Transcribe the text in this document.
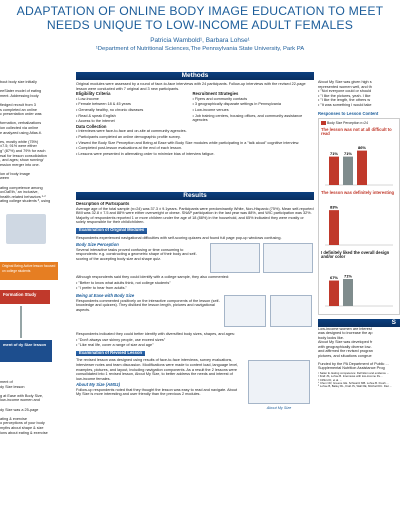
ADAPTATION OF ONLINE BODY IMAGE EDUCATION TO MEET
NEEDS UNIQUE TO LOW-INCOME ADULT FEMALES
Patricia Wambold¹, Barbara Lohse¹
¹Department of Nutritional Sciences,The Pennsylvania State University, Park PA
Methods
bout body size initially

eeSlater model of eating
ment. Addressing body

fledged recruit from 3
s completed an online
c presentation order was

formation, verbalizations
ion collected via online
e analyzed using Atlas.ti.

es, mostly white (75%)
±7.5; 91% were either
g" (87%) and 79% for each
rsal for lesson consolidation
, and ages; show running/
ession merger into one.

ion of body image
ween

ating competence among
ovOaEth,' an inclusive,
health-related behaviors ¹·²
ating college students ³, using
Original Being Active lesson focused on college students
Formation Study
ment of dy Size lesson
ment of
dy Size lesson

g at Ease with Body Size,
low-income women and

dy Size was a 25-page

ating & exercise
o perceptions of your body
myths about shape & size
ions about eating & exercise

Original modules were assessed by a round of face-to-face interviews with 24 participants. Follow-up interviews with the revised 22-page lesson were conducted with 7 original and 3 new participants.

Eligibility Criteria
• Low-income
• Female between 18 & 45 years
• Generally healthy, no chronic diseases
• Read & speak English
• Access to the internet
Recruitment Strategies
• Flyers and community contacts
• 3 geographically disparate settings in Pennsylvania
• Low-income venues
• Job training centers, housing offices, and community assistance agencies
Data Collection
• Interviews were face-to-face and on-site at community agencies.
• Participants completed an online demographic profile survey.
• Viewed the Body Size Perception and Being at Ease with Body Size modules while participating in a "talk aloud" cognitive interview.
• Completed post-lesson evaluations at the end of each lesson.
• Lessons were presented in alternating order to minimize bias of interview fatigue.
Results
Description of Participants

Average age of the total sample (n=24) was 37.3 ± 9.1years. Participants were predominantly White, Non-Hispanic (75%). Mean self-reported BMI was 32.8 ± 7.5 and 88% were either overweight or obese. SNAP participation in the last year was 88%, and WIC participation was 32%. Majority of respondents reported 1 or more children under the age of 18 (88%) in the household, and 65% indicated they were mostly or solely responsible for their child/children.

Examination of Original Modules

Respondents experienced navigational difficulties with self-scoring quizzes and found full page pop-up windows confusing.

Body Size Perception

Several interactive tasks proved confusing or time consuming to respondents: e.g. constructing a geometric shape of their body and self-scoring of the accepting body size and shape quiz.

Although respondents said they could identify with a college sample, they also commented:

• "Better to know what adults think, not college students"
• "I prefer to hear from adults."
Being at Ease with Body Size

Respondents commented positively on the interactive components of the lesson (self-knowledge and quizzes). They disliked the lesson length, pictures and navigational aspects.

Respondents indicated they could better identify with diversified body sizes, shapes, and ages:

• "Don't always use skinny people, use exceed sizes"
• "Like real life, cover a range of size and age"
Examination of Revised Lesson

The revised lesson was designed using results of face-to-face interviews, survey evaluations, interviewer notes and team discussion. Modifications were made to content load, language level, examples, pictures, and layout, including navigation components. As a result the 2 lessons were consolidated into 1 revised lesson, About My Size, to better address the needs and interest of low-income females.

About My Size (AMSz)

Follow-up respondents noted that they thought the lesson was easy to read and navigate. About My Size is more interesting and user friendly than the previous 2 modules.

About My Size
About My Size was given high s
represented women well, and th
• "Not everyone could or should
• "I like the pictures, yeah. I like
• "I like the length, the others w
• "It was something I would take
Responses to Lesson Content
Body Size Perception n=24
The lesson was not at all difficult to read
71% 71%
86%
The lesson was definitely interesting
83%
I definitely liked the overall design and/or color
67% 71%
S
Low-income women are interest
was designed to increase the ap
body looks like.
About My Size was developed fr
with geographically diverse low-
and affirmed the revised progran
pictures, and situations congrue

Funded by the PA Department of Public ... Supplemental Nutrition Assistance Prog

¹ Satter E. Eating competence: Definition and evidence ...
² Krall JS, Lohse B. Interviews with low-income Pe...
³ Clifford D, et al. ...
⁴ Chen CR, Greene GE. Schwartz MB. Lohse B. Fresh ...
⁵ Lohse B, Bailey RL, Krall JS, Wall DE, Mitchell DC. Diet ...
